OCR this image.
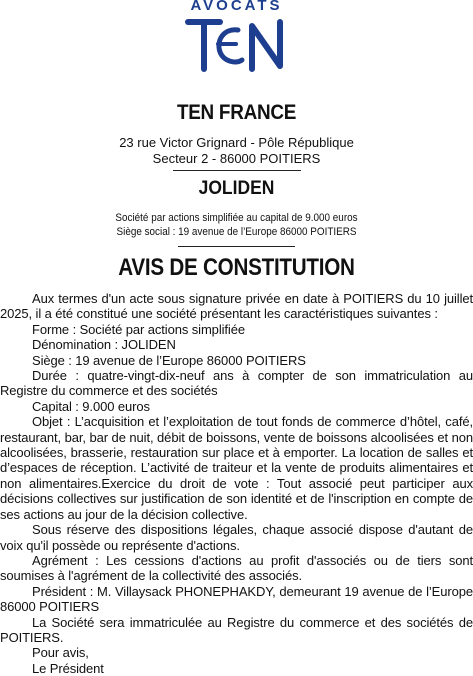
AVOCATS
TEN FRANCE
23 rue Victor Grignard - Pôle République
Secteur 2 - 86000 POITIERS
JOLIDEN
Société par actions simplifiée au capital de 9.000 euros
Siège social : 19 avenue de l’Europe 86000 POITIERS
AVIS DE CONSTITUTION

Aux termes d'un acte sous signature privée en date à POITIERS du 10 juillet 2025, il a été constitué une société présentant les caractéristiques suivantes :

Forme : Société par actions simplifiée

Dénomination : JOLIDEN

Siège : 19 avenue de l’Europe 86000 POITIERS

Durée : quatre-vingt-dix-neuf ans à compter de son immatriculation au Registre du commerce et des sociétés

Capital : 9.000 euros

Objet : L’acquisition et l’exploitation de tout fonds de commerce d’hôtel, café, restaurant, bar, bar de nuit, débit de boissons, vente de boissons alcoolisées et non alcoolisées, brasserie, restauration sur place et à emporter. La location de salles et d’espaces de réception. L’activité de traiteur et la vente de produits alimentaires et non alimentaires.Exercice du droit de vote : Tout associé peut participer aux décisions collectives sur justification de son identité et de l'inscription en compte de ses actions au jour de la décision collective.

Sous réserve des dispositions légales, chaque associé dispose d'autant de voix qu'il possède ou représente d'actions.

Agrément : Les cessions d'actions au profit d'associés ou de tiers sont soumises à l'agrément de la collectivité des associés.

Président : M. Villaysack PHONEPHAKDY, demeurant 19 avenue de l’Europe 86000 POITIERS

La Société sera immatriculée au Registre du commerce et des sociétés de POITIERS.

Pour avis,

Le Président
